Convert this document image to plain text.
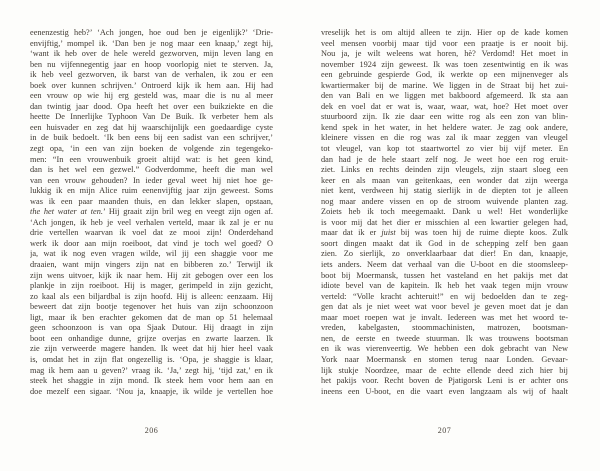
eenenzestig heb?’ ‘Ach jongen, hoe oud ben je eigenlijk?’ ‘Drie-
envijftig,’ mompel ik. ‘Dan ben je nog maar een knaap,’ zegt hij,
‘want ik heb over de hele wereld gezworven, mijn leven lang en
ben nu vijfennegentig jaar en hoop voorlopig niet te sterven. Ja,
ik heb veel gezworven, ik barst van de verhalen, ik zou er een
boek over kunnen schrijven.’ Ontroerd kijk ik hem aan. Hij had
een vrouw op wie hij erg gesteld was, maar die is nu al meer
dan twintig jaar dood. Opa heeft het over een buikziekte en die
heette De Innerlijke Typhoon Van De Buik. Ik verbeter hem als
een huisvader en zeg dat hij waarschijnlijk een goedaardige cyste
in de buik bedoelt. ‘Ik ben eens bij een sadist van een schrijver,’
zegt opa, ‘in een van zijn boeken de volgende zin tegengeko-
men: “In een vrouwenbuik groeit altijd wat: is het geen kind,
dan is het wel een gezwel.” Godverdomme, heeft die man wel
van een vrouw gehouden? In ieder geval weet hij niet hoe ge-
lukkig ik en mijn Alice ruim eenenvijftig jaar zijn geweest. Soms
was ik een paar maanden thuis, en dan lekker slapen, opstaan,
the het water at ten.’ Hij graait zijn bril weg en veegt zijn ogen af.
‘Ach jongen, ik heb je veel verhalen verteld, maar ik zal je er nu
drie vertellen waarvan ik voel dat ze mooi zijn! Onderdehand
werk ik door aan mijn roeiboot, dat vind je toch wel goed? O
ja, wat ik nog even vragen wilde, wil jij een shaggie voor me
draaien, want mijn vingers zijn nat en bibberen zo.’ Terwijl ik
zijn wens uitvoer, kijk ik naar hem. Hij zit gebogen over een los
plankje in zijn roeiboot. Hij is mager, gerimpeld in zijn gezicht,
zo kaal als een biljardbal is zijn hoofd. Hij is alleen: eenzaam. Hij
beweert dat zijn bootje tegenover het huis van zijn schoonzoon
ligt, maar ik ben erachter gekomen dat de man op 51 helemaal
geen schoonzoon is van opa Sjaak Dutour. Hij draagt in zijn
boot een onhandige dunne, grijze overjas en zwarte laarzen. Ik
zie zijn verweerde magere handen. Ik weet dat hij hier heel vaak
is, omdat het in zijn flat ongezellig is. ‘Opa, je shaggie is klaar,
mag ik hem aan u geven?’ vraag ik. ‘Ja,’ zegt hij, ‘tijd zat,’ en ik
steek het shaggie in zijn mond. Ik steek hem voor hem aan en
doe mezelf een sigaar. ‘Nou ja, knaapje, ik wilde je vertellen hoe
206
vreselijk het is om altijd alleen te zijn. Hier op de kade komen
veel mensen voorbij maar tijd voor een praatje is er nooit bij.
Nou ja, je wilt weleens wat horen, hè? Verdomd! Het moet in
november 1924 zijn geweest. Ik was toen zesentwintig en ik was
een gebruinde gespierde God, ik werkte op een mijnenveger als
kwartiermaker bij de marine. We liggen in de Straat bij het zui-
den van Bali en we liggen met bakboord afgemeerd. Ik sta aan
dek en voel dat er wat is, waar, waar, wat, hoe? Het moet over
stuurboord zijn. Ik zie daar een witte rog als een zon van blin-
kend spek in het water, in het heldere water. Je zag ook andere,
kleinere vissen en die rog was zal ik maar zeggen van vleugel
tot vleugel, van kop tot staartwortel zo vier bij vijf meter. En
dan had je de hele staart zelf nog. Je weet hoe een rog eruit-
ziet. Links en rechts deinden zijn vleugels, zijn staart sloeg een
keer en als maan van geitenkaas, een wonder dat zijn weerga
niet kent, verdween hij statig sierlijk in de diepten tot je alleen
nog maar andere vissen en op de stroom wuivende planten zag.
Zoiets heb ik toch meegemaakt. Dank u wel! Het wonderlijke
is voor mij dat het dier er misschien al een kwartier gelegen had,
maar dat ik er juist bij was toen hij de ruime diepte koos. Zulk
soort dingen maakt dat ik God in de schepping zelf ben gaan
zien. Zo sierlijk, zo onverklaarbaar dat dier! En dan, knaapje,
iets anders. Neem dat verhaal van die U-boot en die stoomsleep-
boot bij Moermansk, tussen het vasteland en het pakijs met dat
idiote bevel van de kapitein. Ik heb het vaak tegen mijn vrouw
verteld: “Volle kracht achteruit!” en wij bedoelden dan te zeg-
gen dat als je niet weet wat voor bevel je geven moet dat je dan
maar moet roepen wat je invalt. Iedereen was met het woord te-
vreden, kabelgasten, stoommachinisten, matrozen, bootsman-
nen, de eerste en tweede stuurman. Ik was trouwens bootsman
en ik was vierenveertig. We hebben een dok gebracht van New
York naar Moermansk en stomen terug naar Londen. Gevaar-
lijk stukje Noordzee, maar de echte ellende deed zich hier bij
het pakijs voor. Recht boven de Pjatigorsk Leni is er achter ons
ineens een U-boot, en die vaart even langzaam als wij of haalt
207
